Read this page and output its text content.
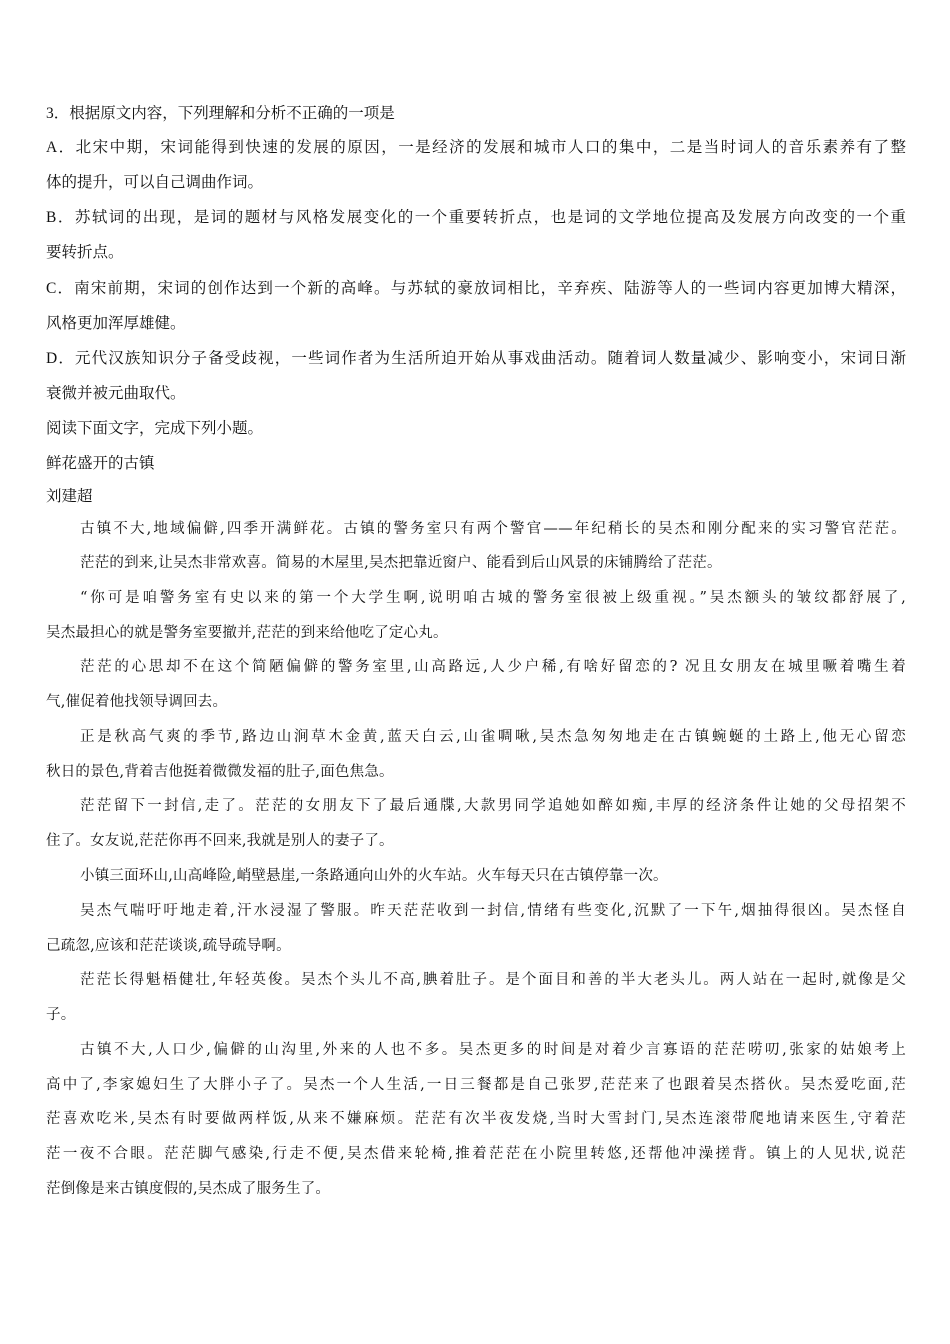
3．根据原文内容，下列理解和分析不正确的一项是
A．北宋中期，宋词能得到快速的发展的原因，一是经济的发展和城市人口的集中，二是当时词人的音乐素养有了整
体的提升，可以自己调曲作词。
B．苏轼词的出现，是词的题材与风格发展变化的一个重要转折点，也是词的文学地位提高及发展方向改变的一个重
要转折点。
C．南宋前期，宋词的创作达到一个新的高峰。与苏轼的豪放词相比，辛弃疾、陆游等人的一些词内容更加博大精深，
风格更加浑厚雄健。
D．元代汉族知识分子备受歧视，一些词作者为生活所迫开始从事戏曲活动。随着词人数量减少、影响变小，宋词日渐
衰微并被元曲取代。
阅读下面文字，完成下列小题。
鲜花盛开的古镇
刘建超
古镇不大,地域偏僻,四季开满鲜花。古镇的警务室只有两个警官——年纪稍长的吴杰和刚分配来的实习警官茫茫。
茫茫的到来,让吴杰非常欢喜。简易的木屋里,吴杰把靠近窗户、能看到后山风景的床铺腾给了茫茫。
“你可是咱警务室有史以来的第一个大学生啊,说明咱古城的警务室很被上级重视。”吴杰额头的皱纹都舒展了,
吴杰最担心的就是警务室要撤并,茫茫的到来给他吃了定心丸。
茫茫的心思却不在这个简陋偏僻的警务室里,山高路远,人少户稀,有啥好留恋的? 况且女朋友在城里噘着嘴生着
气,催促着他找领导调回去。
正是秋高气爽的季节,路边山涧草木金黄,蓝天白云,山雀啁啾,吴杰急匆匆地走在古镇蜿蜒的土路上,他无心留恋
秋日的景色,背着吉他挺着微微发福的肚子,面色焦急。
茫茫留下一封信,走了。茫茫的女朋友下了最后通牒,大款男同学追她如醉如痴,丰厚的经济条件让她的父母招架不
住了。女友说,茫茫你再不回来,我就是别人的妻子了。
小镇三面环山,山高峰险,峭壁悬崖,一条路通向山外的火车站。火车每天只在古镇停靠一次。
吴杰气喘吁吁地走着,汗水浸湿了警服。昨天茫茫收到一封信,情绪有些变化,沉默了一下午,烟抽得很凶。吴杰怪自
己疏忽,应该和茫茫谈谈,疏导疏导啊。
茫茫长得魁梧健壮,年轻英俊。吴杰个头儿不高,腆着肚子。是个面目和善的半大老头儿。两人站在一起时,就像是父
子。
古镇不大,人口少,偏僻的山沟里,外来的人也不多。吴杰更多的时间是对着少言寡语的茫茫唠叨,张家的姑娘考上
高中了,李家媳妇生了大胖小子了。吴杰一个人生活,一日三餐都是自己张罗,茫茫来了也跟着吴杰搭伙。吴杰爱吃面,茫
茫喜欢吃米,吴杰有时要做两样饭,从来不嫌麻烦。茫茫有次半夜发烧,当时大雪封门,吴杰连滚带爬地请来医生,守着茫
茫一夜不合眼。茫茫脚气感染,行走不便,吴杰借来轮椅,推着茫茫在小院里转悠,还帮他冲澡搓背。镇上的人见状,说茫
茫倒像是来古镇度假的,吴杰成了服务生了。
